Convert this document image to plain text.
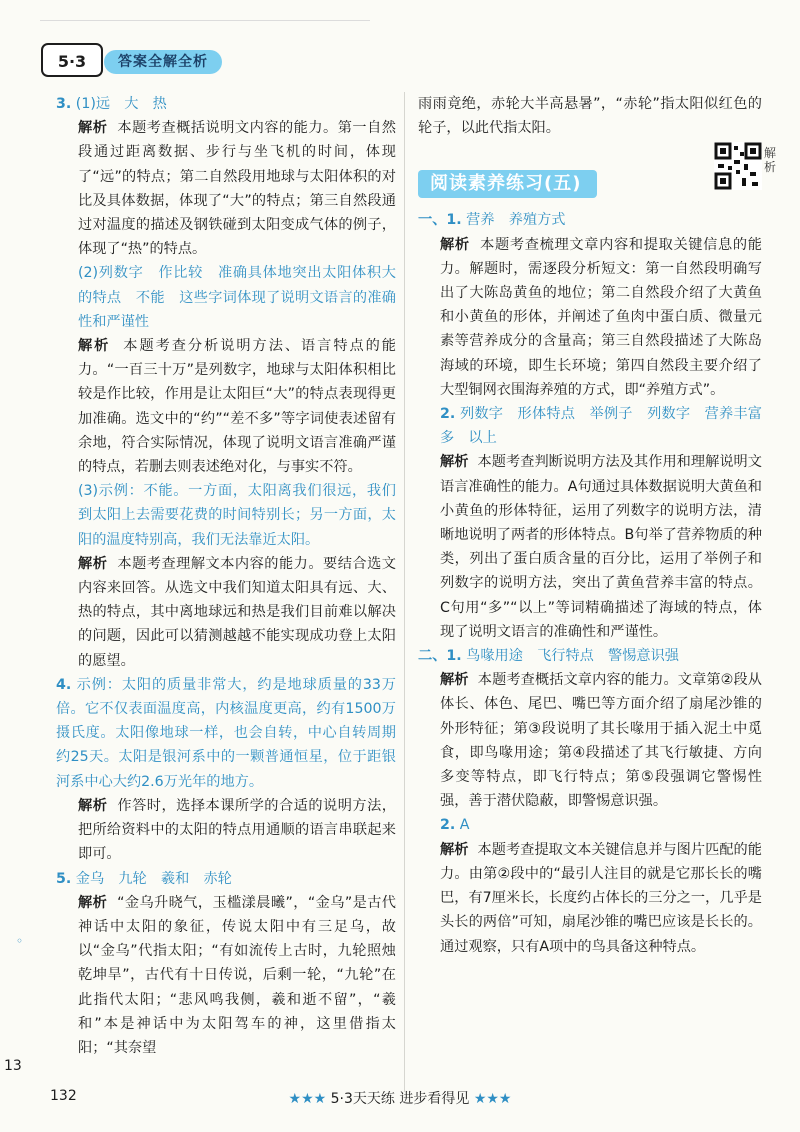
5·3	答案全解全析

3. (1)远　大　热

解析 本题考查概括说明文内容的能力。第一自然段通过距离数据、步行与坐飞机的时间，体现了“远”的特点；第二自然段用地球与太阳体积的对比及具体数据，体现了“大”的特点；第三自然段通过对温度的描述及钢铁碰到太阳变成气体的例子，体现了“热”的特点。

(2)列数字　作比较　准确具体地突出太阳体积大的特点　不能　这些字词体现了说明文语言的准确性和严谨性

解析 本题考查分析说明方法、语言特点的能力。“一百三十万”是列数字，地球与太阳体积相比较是作比较，作用是让太阳巨“大”的特点表现得更加准确。选文中的“约”“差不多”等字词使表述留有余地，符合实际情况，体现了说明文语言准确严谨的特点，若删去则表述绝对化，与事实不符。

(3)示例：不能。一方面，太阳离我们很远，我们到太阳上去需要花费的时间特别长；另一方面，太阳的温度特别高，我们无法靠近太阳。

解析 本题考查理解文本内容的能力。要结合选文内容来回答。从选文中我们知道太阳具有远、大、热的特点，其中离地球远和热是我们目前难以解决的问题，因此可以猜测越越不能实现成功登上太阳的愿望。

4. 示例：太阳的质量非常大，约是地球质量的33万倍。它不仅表面温度高，内核温度更高，约有1500万摄氏度。太阳像地球一样，也会自转，中心自转周期约25天。太阳是银河系中的一颗普通恒星，位于距银河系中心大约2.6万光年的地方。

解析 作答时，选择本课所学的合适的说明方法，把所给资料中的太阳的特点用通顺的语言串联起来即可。

5. 金乌　九轮　羲和　赤轮

解析 “金乌升晓气，玉槛漾晨曦”，“金乌”是古代神话中太阳的象征，传说太阳中有三足乌，故以“金乌”代指太阳；“有如流传上古时，九轮照烛乾坤旱”，古代有十日传说，后剩一轮，“九轮”在此指代太阳；“悲风鸣我侧，羲和逝不留”，“羲和”本是神话中为太阳驾车的神，这里借指太阳；“其奈望

雨雨竟绝，赤轮大半高悬暑”，“赤轮”指太阳似红色的轮子，以此代指太阳。

阅读素养练习(五)
解析

一、1. 营养　养殖方式

解析 本题考查梳理文章内容和提取关键信息的能力。解题时，需逐段分析短文：第一自然段明确写出了大陈岛黄鱼的地位；第二自然段介绍了大黄鱼和小黄鱼的形体，并阐述了鱼肉中蛋白质、微量元素等营养成分的含量高；第三自然段描述了大陈岛海域的环境，即生长环境；第四自然段主要介绍了大型铜网衣围海养殖的方式，即“养殖方式”。

2. 列数字　形体特点　举例子　列数字　营养丰富　多　以上

解析 本题考查判断说明方法及其作用和理解说明文语言准确性的能力。A句通过具体数据说明大黄鱼和小黄鱼的形体特征，运用了列数字的说明方法，清晰地说明了两者的形体特点。B句举了营养物质的种类，列出了蛋白质含量的百分比，运用了举例子和列数字的说明方法，突出了黄鱼营养丰富的特点。C句用“多”“以上”等词精确描述了海域的特点，体现了说明文语言的准确性和严谨性。

二、1. 鸟喙用途　飞行特点　警惕意识强

解析 本题考查概括文章内容的能力。文章第②段从体长、体色、尾巴、嘴巴等方面介绍了扇尾沙锥的外形特征；第③段说明了其长喙用于插入泥土中觅食，即鸟喙用途；第④段描述了其飞行敏捷、方向多变等特点，即飞行特点；第⑤段强调它警惕性强，善于潜伏隐蔽，即警惕意识强。

2. A

解析 本题考查提取文本关键信息并与图片匹配的能力。由第②段中的“最引人注目的就是它那长长的嘴巴，有7厘米长，长度约占体长的三分之一，几乎是头长的两倍”可知，扇尾沙锥的嘴巴应该是长长的。通过观察，只有A项中的鸟具备这种特点。

◦
13
132	★★★ 5·3天天练 进步看得见 ★★★
